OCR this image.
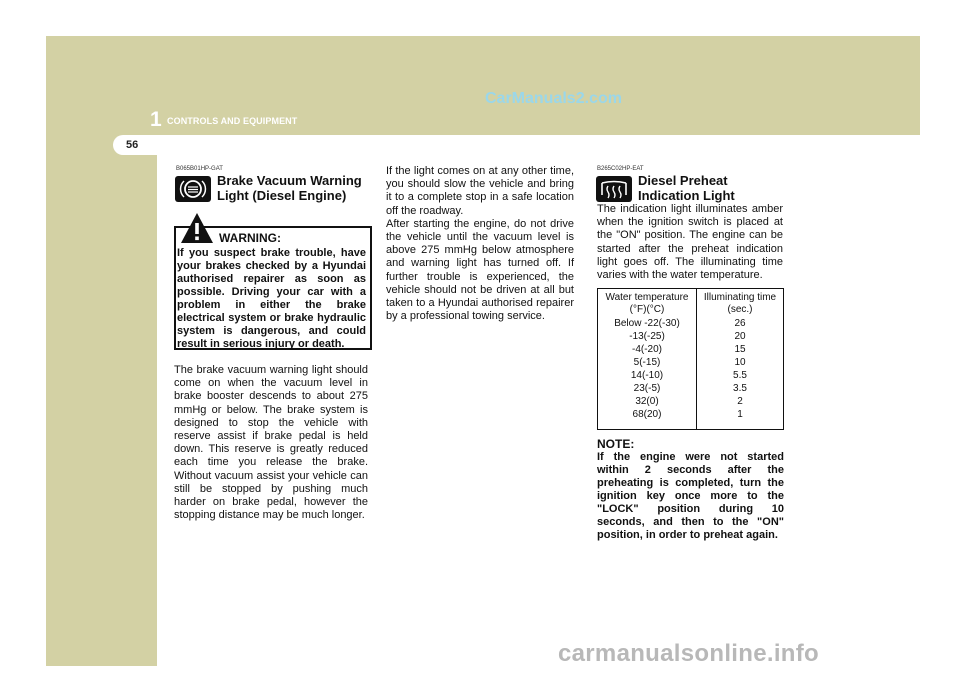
1 CONTROLS AND EQUIPMENT
56
CarManuals2.com
B065B01HP-GAT
Brake Vacuum Warning
Light (Diesel Engine)
WARNING:
If you suspect brake trouble, have your brakes checked by a Hyundai authorised repairer as soon as possible. Driving your car with a problem in either the brake electrical system or brake hydraulic system is dangerous, and could result in serious injury or death.
The brake vacuum warning light should come on when the vacuum level in brake booster descends to about 275 mmHg or below. The brake system is designed to stop the vehicle with reserve assist if brake pedal is held down. This reserve is greatly reduced each time you release the brake. Without vacuum assist your vehicle can still be stopped by pushing much harder on brake pedal, however the stopping distance may be much longer.
If the light comes on at any other time, you should slow the vehicle and bring it to a complete stop in a safe location off the roadway.
After starting the engine, do not drive the vehicle until the vacuum level is above 275 mmHg below atmosphere and warning light has turned off. If further trouble is experienced, the vehicle should not be driven at all but taken to a Hyundai authorised repairer by a professional towing service.
B265C02HP-EAT
Diesel Preheat
Indication Light
The indication light illuminates amber when the ignition switch is placed at the "ON" position. The engine can be started after the preheat indication light goes off. The illuminating time varies with the water temperature.
Water temperature
(°F)(°C)
Illuminating time
(sec.)
Below -22(-30)	26
-13(-25)	20
-4(-20)	15
5(-15)	10
14(-10)	5.5
23(-5)	3.5
32(0)	2
68(20)	1
NOTE:
If the engine were not started within 2 seconds after the preheating is completed, turn the ignition key once more to the "LOCK" position during 10 seconds, and then to the "ON" position, in order to preheat again.
carmanualsonline.info
